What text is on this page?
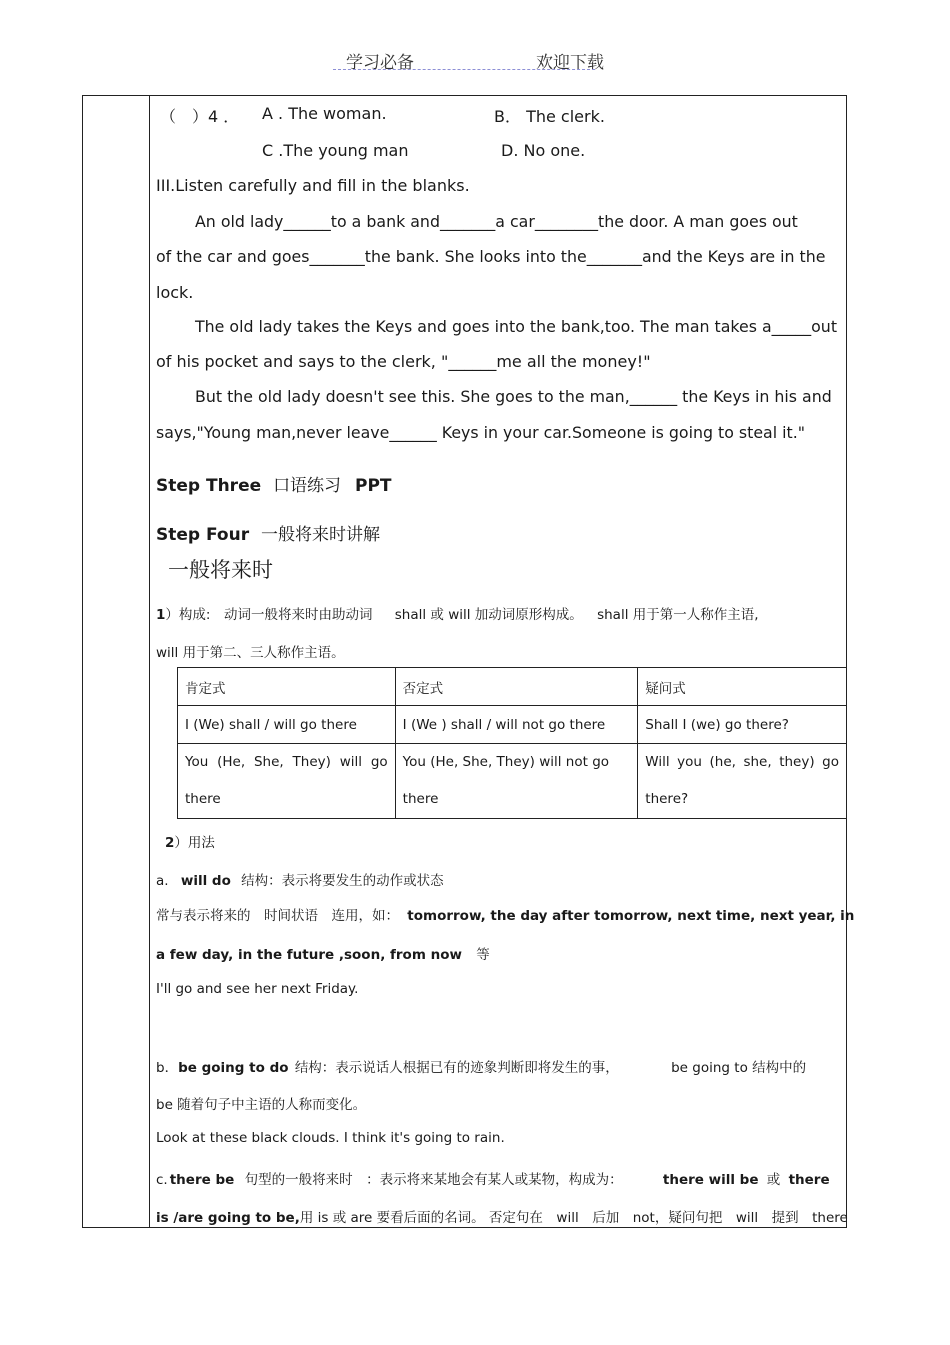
学习必备	欢迎下载
（　）4 ． A . The woman.	B． The clerk.
C .The young man	D. No one.
III.Listen carefully and fill in the blanks.
An old lady______to a bank and_______a car________the door. A man goes out
of the car and goes_______the bank. She looks into the_______and the Keys are in the
lock.
The old lady takes the Keys and goes into the bank,too. The man takes a_____out
of his pocket and says to the clerk, "______me all the money!"
But the old lady doesn't see this. She goes to the man,______ the Keys in his and
says,"Young man,never leave______ Keys in your car.Someone is going to steal it."
Step Three 口语练习 PPT
Step Four 一般将来时讲解
一般将来时
1）构成:　动词一般将来时由助动词 shall 或 will 加动词原形构成。 shall 用于第一人称作主语,
will 用于第二、三人称作主语。
肯定式	否定式	疑问式
I (We) shall / will go there	I (We ) shall / will not go there	Shall I (we) go there?
You (He, She, They) will go there	You (He, She, They) will not go there	Will you (he, she, they) go there?
2）用法
a. will do 结构：表示将要发生的动作或状态
常与表示将来的　时间状语　连用，如： tomorrow, the day after tomorrow, next time, next year, in
a few day, in the future ,soon, from now 等
I'll go and see her next Friday.
b．be going to do 结构：表示说话人根据已有的迹象判断即将发生的事，	be going to 结构中的
be 随着句子中主语的人称而变化。
Look at these black clouds. I think it's going to rain.
c. there be 句型的一般将来时　：表示将来某地会有某人或某物，构成为：	there will be 或 there
is /are going to be,用 is 或 are 要看后面的名词。 否定句在　will　后加　not，疑问句把　will　提到　there
